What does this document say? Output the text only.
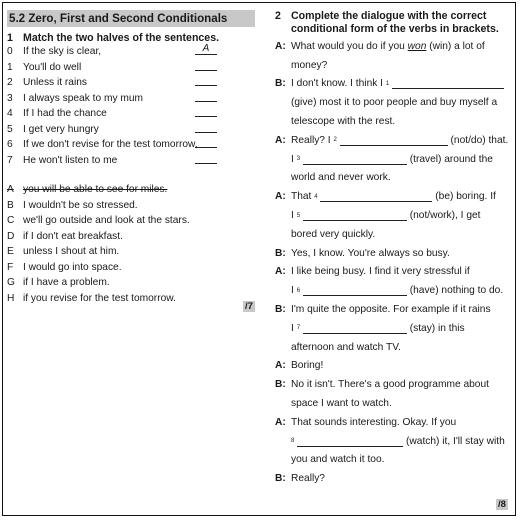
5.2 Zero, First and Second Conditionals
1 Match the two halves of the sentences.
0	If the sky is clear,	A
1	You'll do well
2	Unless it rains
3	I always speak to my mum
4	If I had the chance
5	I get very hungry
6	If we don't revise for the test tomorrow,
7	He won't listen to me
A you will be able to see for miles.
B I wouldn't be so stressed.
C we'll go outside and look at the stars.
D if I don't eat breakfast.
E unless I shout at him.
F I would go into space.
G if I have a problem.
H if you revise for the test tomorrow.
/7
2 Complete the dialogue with the correct
conditional form of the verbs in brackets.
A: What would you do if you
won
(win) a lot of
money?
B: I don't know. I think I
1

(give) most it to poor people and buy myself a
telescope with the rest.
A: Really? I
2

	(not/do) that.
I
3

	(travel) around the
world and never work.
A: That
4

	(be) boring. If
I
5

	(not/work), I get
bored very quickly.
B: Yes, I know. You're always so busy.
A: I like being busy. I find it very stressful if
I
6

	(have) nothing to do.
B: I'm quite the opposite. For example if it rains
I
7

	(stay) in this
afternoon and watch TV.
A: Boring!
B: No it isn't. There's a good programme about
space I want to watch.
A: That sounds interesting. Okay. If you
8

	(watch) it, I'll stay with
you and watch it too.
B: Really?
/8
